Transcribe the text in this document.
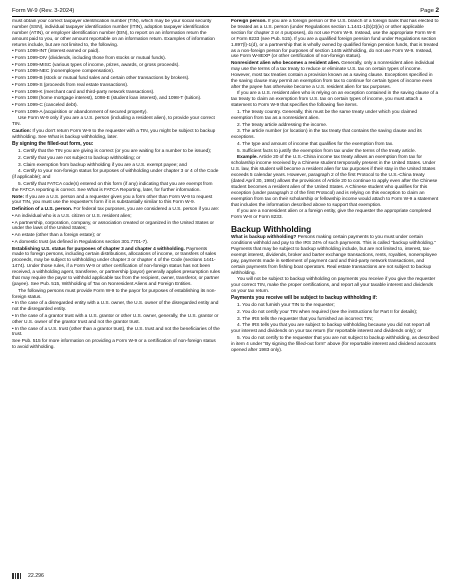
Form W-9 (Rev. 3-2024)	Page 2

must obtain your correct taxpayer identification number (TIN), which may be your social security number (SSN), individual taxpayer identification number (ITIN), adoption taxpayer identification number (ATIN), or employer identification number (EIN), to report on an information return the amount paid to you, or other amount reportable on an information return. Examples of information returns include, but are not limited to, the following.

• Form 1099-INT (interest earned or paid).

• Form 1099-DIV (dividends, including those from stocks or mutual funds).

• Form 1099-MISC (various types of income, prizes, awards, or gross proceeds).

• Form 1099-NEC (nonemployee compensation).

• Form 1099-B (stock or mutual fund sales and certain other transactions by brokers).

• Form 1099-S (proceeds from real estate transactions).

• Form 1099-K (merchant card and third-party network transactions).

• Form 1098 (home mortgage interest), 1098-E (student loan interest), and 1098-T (tuition).

• Form 1099-C (canceled debt).

• Form 1099-A (acquisition or abandonment of secured property).

Use Form W-9 only if you are a U.S. person (including a resident alien), to provide your correct TIN.

Caution: If you don't return Form W-9 to the requester with a TIN, you might be subject to backup withholding. See What is backup withholding, later.

By signing the filled-out form, you:

1. Certify that the TIN you are giving is correct (or you are waiting for a number to be issued);

2. Certify that you are not subject to backup withholding; or

3. Claim exemption from backup withholding if you are a U.S. exempt payee; and

4. Certify to your non-foreign status for purposes of withholding under chapter 3 or 4 of the Code (if applicable); and

5. Certify that FATCA code(s) entered on this form (if any) indicating that you are exempt from the FATCA reporting is correct. See What is FATCA Reporting, later, for further information.

Note: If you are a U.S. person and a requester gives you a form other than Form W-9 to request your TIN, you must use the requester's form if it is substantially similar to this Form W-9.

Definition of a U.S. person. For federal tax purposes, you are considered a U.S. person if you are:

• An individual who is a U.S. citizen or U.S. resident alien;

• A partnership, corporation, company, or association created or organized in the United States or under the laws of the United States;

• An estate (other than a foreign estate); or

• A domestic trust (as defined in Regulations section 301.7701-7).

Establishing U.S. status for purposes of chapter 3 and chapter 4 withholding. Payments made to foreign persons, including certain distributions, allocations of income, or transfers of sales proceeds, may be subject to withholding under chapter 3 or chapter 4 of the Code (sections 1441-1474). Under those rules, if a Form W-9 or other certification of non-foreign status has not been received, a withholding agent, transferee, or partnership (payor) generally applies presumption rules that may require the payor to withhold applicable tax from the recipient, owner, transferor, or partner (payee). See Pub. 515, Withholding of Tax on Nonresident Aliens and Foreign Entities.

The following persons must provide Form W-9 to the payor for purposes of establishing its non-foreign status.

• In the case of a disregarded entity with a U.S. owner, the U.S. owner of the disregarded entity and not the disregarded entity.

• In the case of a grantor trust with a U.S. grantor or other U.S. owner, generally, the U.S. grantor or other U.S. owner of the grantor trust and not the grantor trust.

• In the case of a U.S. trust (other than a grantor trust), the U.S. trust and not the beneficiaries of the trust.

See Pub. 515 for more information on providing a Form W-9 or a certification of non-foreign status to avoid withholding.

Foreign person. If you are a foreign person or the U.S. branch of a foreign bank that has elected to be treated as a U.S. person (under Regulations section 1.1441-1(b)(2)(iv) or other applicable section for chapter 3 or 4 purposes), do not use Form W-9. Instead, use the appropriate Form W-8 or Form 8233 (see Pub. 515). If you are a qualified foreign pension fund under Regulations section 1.897(l)-1(d), or a partnership that is wholly owned by qualified foreign pension funds, that is treated as a non-foreign person for purposes of section 1445 withholding, do not use Form W-9. Instead, use Form W-8EXP (or other certification of non-foreign status).

Nonresident alien who becomes a resident alien. Generally, only a nonresident alien individual may use the terms of a tax treaty to reduce or eliminate U.S. tax on certain types of income. However, most tax treaties contain a provision known as a saving clause. Exceptions specified in the saving clause may permit an exemption from tax to continue for certain types of income even after the payee has otherwise become a U.S. resident alien for tax purposes.

If you are a U.S. resident alien who is relying on an exception contained in the saving clause of a tax treaty to claim an exemption from U.S. tax on certain types of income, you must attach a statement to Form W-9 that specifies the following five items.

1. The treaty country. Generally, this must be the same treaty under which you claimed exemption from tax as a nonresident alien.

2. The treaty article addressing the income.

3. The article number (or location) in the tax treaty that contains the saving clause and its exceptions.

4. The type and amount of income that qualifies for the exemption from tax.

5. Sufficient facts to justify the exemption from tax under the terms of the treaty article.

Example. Article 20 of the U.S.-China income tax treaty allows an exemption from tax for scholarship income received by a Chinese student temporarily present in the United States. Under U.S. law, this student will become a resident alien for tax purposes if their stay in the United States exceeds 5 calendar years. However, paragraph 2 of the first Protocol to the U.S.-China treaty (dated April 30, 1984) allows the provisions of Article 20 to continue to apply even after the Chinese student becomes a resident alien of the United States. A Chinese student who qualifies for this exception (under paragraph 2 of the first Protocol) and is relying on this exception to claim an exemption from tax on their scholarship or fellowship income would attach to Form W-9 a statement that includes the information described above to support that exemption.

If you are a nonresident alien or a foreign entity, give the requester the appropriate completed Form W-8 or Form 8233.

Backup Withholding

What is backup withholding? Persons making certain payments to you must under certain conditions withhold and pay to the IRS 24% of such payments. This is called "backup withholding." Payments that may be subject to backup withholding include, but are not limited to, interest, tax-exempt interest, dividends, broker and barter exchange transactions, rents, royalties, nonemployee pay, payments made in settlement of payment card and third-party network transactions, and certain payments from fishing boat operators. Real estate transactions are not subject to backup withholding.

You will not be subject to backup withholding on payments you receive if you give the requester your correct TIN, make the proper certifications, and report all your taxable interest and dividends on your tax return.

Payments you receive will be subject to backup withholding if:

1. You do not furnish your TIN to the requester;

2. You do not certify your TIN when required (see the instructions for Part II for details);

3. The IRS tells the requester that you furnished an incorrect TIN;

4. The IRS tells you that you are subject to backup withholding because you did not report all your interest and dividends on your tax return (for reportable interest and dividends only); or

5. You do not certify to the requester that you are not subject to backup withholding, as described in item 4 under "By signing the filled-out form" above (for reportable interest and dividend accounts opened after 1983 only).

22.296
